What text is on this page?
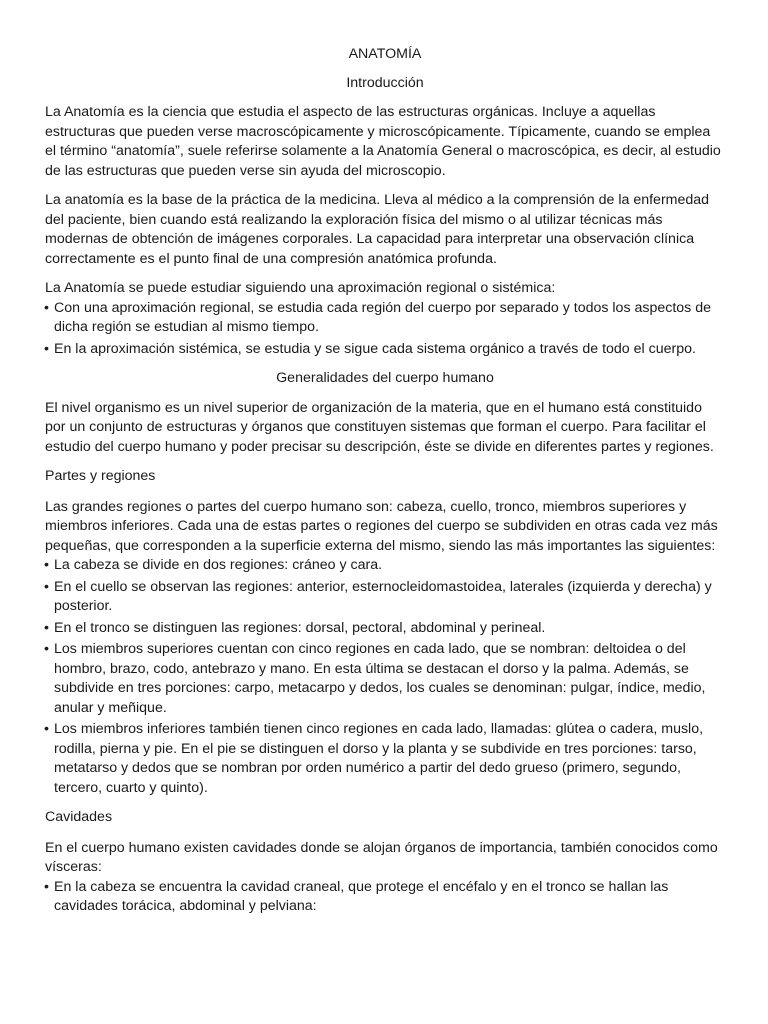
ANATOMÍA
Introducción

La Anatomía es la ciencia que estudia el aspecto de las estructuras orgánicas. Incluye a aquellas estructuras que pueden verse macroscópicamente y microscópicamente. Típicamente, cuando se emplea el término “anatomía”, suele referirse solamente a la Anatomía General o macroscópica, es decir, al estudio de las estructuras que pueden verse sin ayuda del microscopio.

La anatomía es la base de la práctica de la medicina. Lleva al médico a la comprensión de la enfermedad del paciente, bien cuando está realizando la exploración física del mismo o al utilizar técnicas más modernas de obtención de imágenes corporales. La capacidad para interpretar una observación clínica correctamente es el punto final de una compresión anatómica profunda.

La Anatomía se puede estudiar siguiendo una aproximación regional o sistémica:

• Con una aproximación regional, se estudia cada región del cuerpo por separado y todos los aspectos de dicha región se estudian al mismo tiempo.
• En la aproximación sistémica, se estudia y se sigue cada sistema orgánico a través de todo el cuerpo.
Generalidades del cuerpo humano

El nivel organismo es un nivel superior de organización de la materia, que en el humano está constituido por un conjunto de estructuras y órganos que constituyen sistemas que forman el cuerpo. Para facilitar el estudio del cuerpo humano y poder precisar su descripción, éste se divide en diferentes partes y regiones.

Partes y regiones

Las grandes regiones o partes del cuerpo humano son: cabeza, cuello, tronco, miembros superiores y miembros inferiores. Cada una de estas partes o regiones del cuerpo se subdividen en otras cada vez más pequeñas, que corresponden a la superficie externa del mismo, siendo las más importantes las siguientes:

• La cabeza se divide en dos regiones: cráneo y cara.
• En el cuello se observan las regiones: anterior, esternocleidomastoidea, laterales (izquierda y derecha) y posterior.
• En el tronco se distinguen las regiones: dorsal, pectoral, abdominal y perineal.
• Los miembros superiores cuentan con cinco regiones en cada lado, que se nombran: deltoidea o del hombro, brazo, codo, antebrazo y mano. En esta última se destacan el dorso y la palma. Además, se subdivide en tres porciones: carpo, metacarpo y dedos, los cuales se denominan: pulgar, índice, medio, anular y meñique.
• Los miembros inferiores también tienen cinco regiones en cada lado, llamadas: glútea o cadera, muslo, rodilla, pierna y pie. En el pie se distinguen el dorso y la planta y se subdivide en tres porciones: tarso, metatarso y dedos que se nombran por orden numérico a partir del dedo grueso (primero, segundo, tercero, cuarto y quinto).
Cavidades

En el cuerpo humano existen cavidades donde se alojan órganos de importancia, también conocidos como vísceras:

• En la cabeza se encuentra la cavidad craneal, que protege el encéfalo y en el tronco se hallan las cavidades torácica, abdominal y pelviana:
